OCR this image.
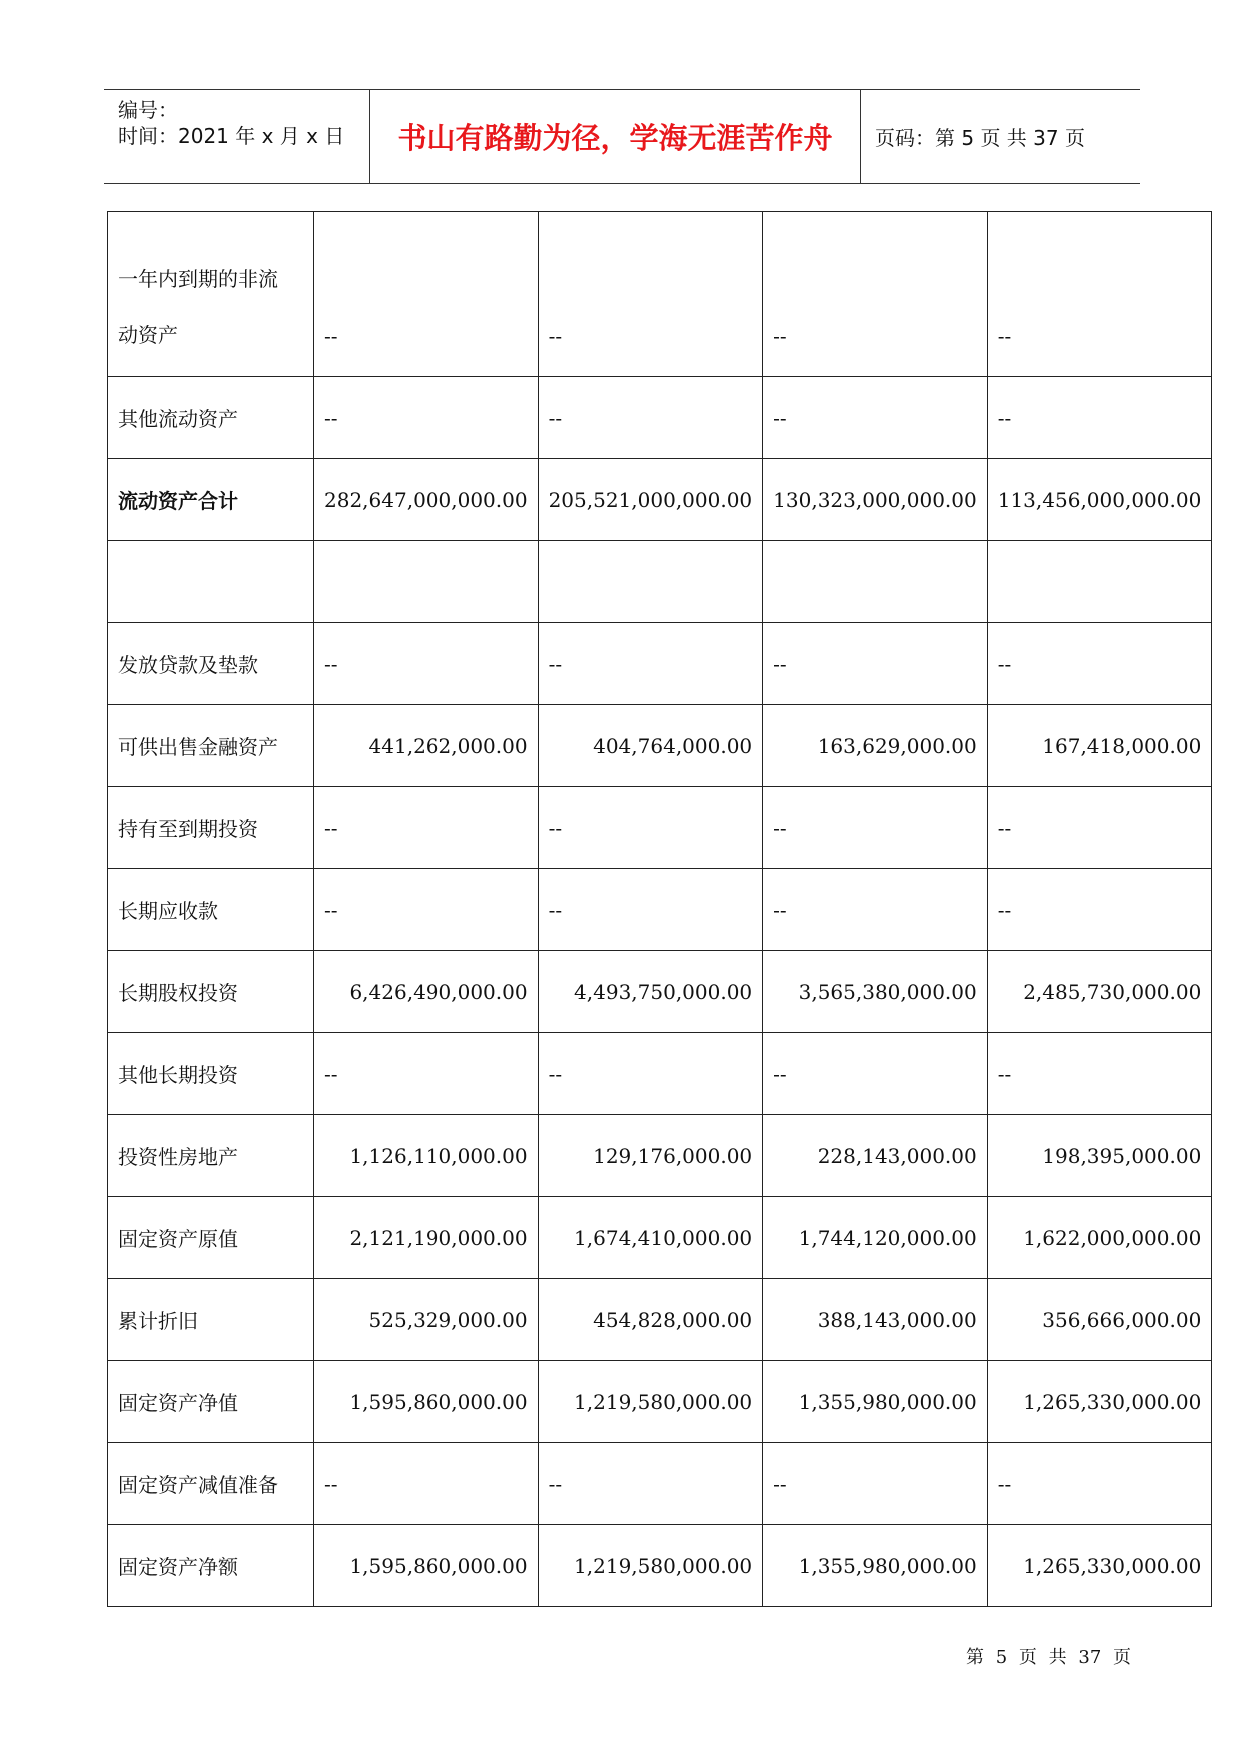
编号：
时间：2021 年 x 月 x 日	书山有路勤为径，学海无涯苦作舟	页码：第 5 页 共 37 页
一年内到期的非流
动资产	--	--	--	--
其他流动资产	--	--	--	--
流动资产合计	282,647,000,000.00	205,521,000,000.00	130,323,000,000.00	113,456,000,000.00

发放贷款及垫款	--	--	--	--
可供出售金融资产	441,262,000.00	404,764,000.00	163,629,000.00	167,418,000.00
持有至到期投资	--	--	--	--
长期应收款	--	--	--	--
长期股权投资	6,426,490,000.00	4,493,750,000.00	3,565,380,000.00	2,485,730,000.00
其他长期投资	--	--	--	--
投资性房地产	1,126,110,000.00	129,176,000.00	228,143,000.00	198,395,000.00
固定资产原值	2,121,190,000.00	1,674,410,000.00	1,744,120,000.00	1,622,000,000.00
累计折旧	525,329,000.00	454,828,000.00	388,143,000.00	356,666,000.00
固定资产净值	1,595,860,000.00	1,219,580,000.00	1,355,980,000.00	1,265,330,000.00
固定资产减值准备	--	--	--	--
固定资产净额	1,595,860,000.00	1,219,580,000.00	1,355,980,000.00	1,265,330,000.00
第 5 页 共 37 页
